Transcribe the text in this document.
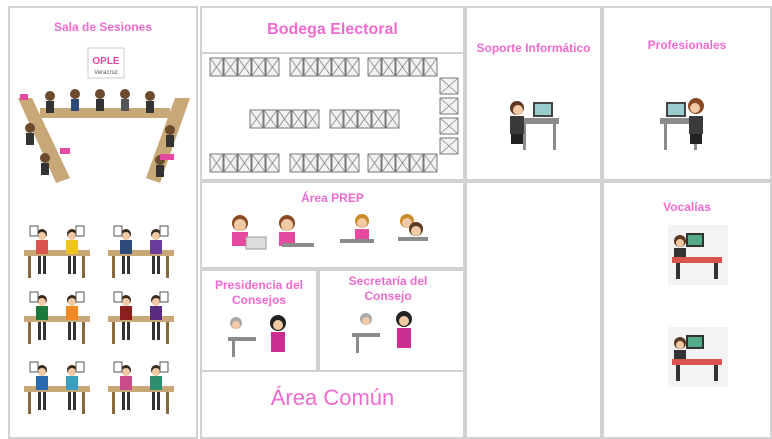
Sala de Sesiones
OPLE
Veracruz
Bodega Electoral
Soporte Informático	Profesionales
Área PREP
Presidencia del Consejos
Secretaría del Consejo
Área Común
Vocalías
